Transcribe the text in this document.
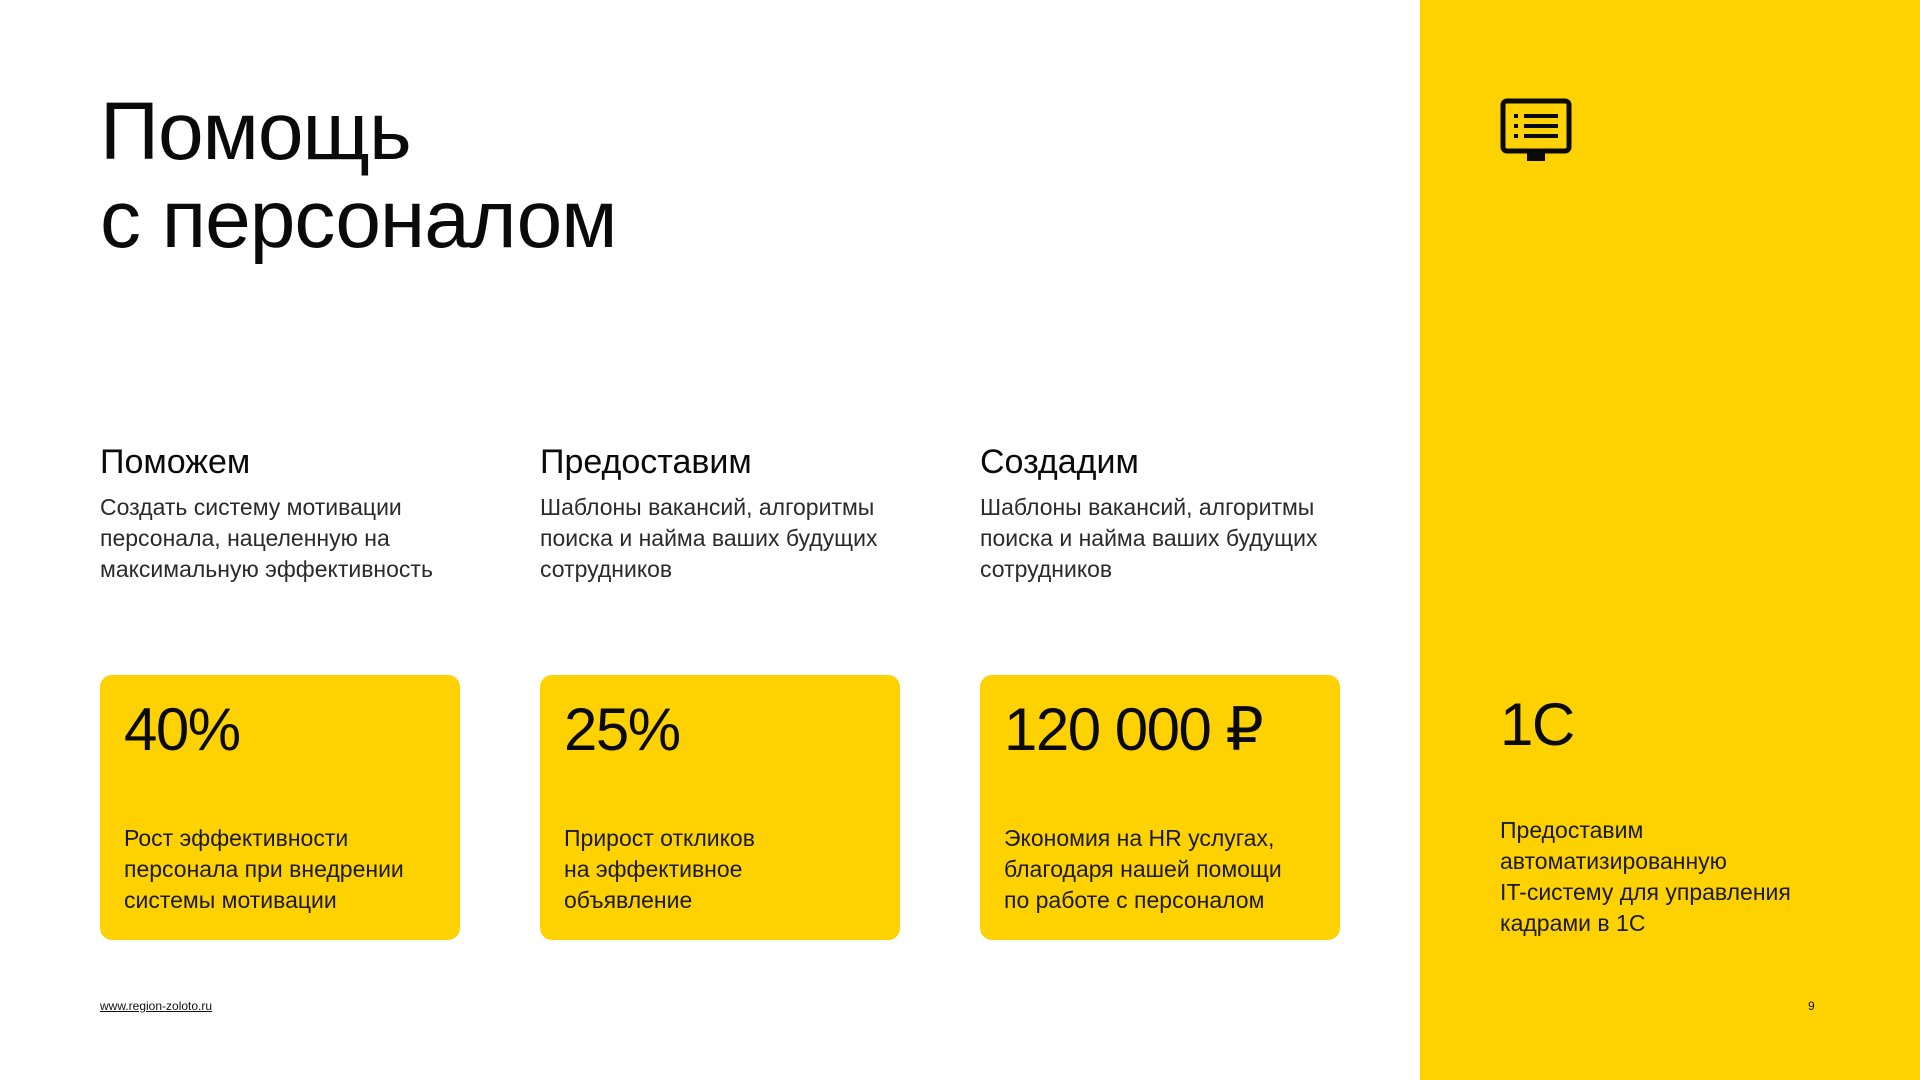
Помощь
с персоналом
Поможем
Создать систему мотивации
персонала, нацеленную на
максимальную эффективность
Предоставим
Шаблоны вакансий, алгоритмы
поиска и найма ваших будущих
сотрудников
Создадим
Шаблоны вакансий, алгоритмы
поиска и найма ваших будущих
сотрудников
40%
Рост эффективности
персонала при внедрении
системы мотивации
25%
Прирост откликов
на эффективное
объявление
120 000 ₽
Экономия на HR услугах,
благодаря нашей помощи
по работе с персоналом
1С
Предоставим
автоматизированную
IT-систему для управления
кадрами в 1С
www.region-zoloto.ru	9
